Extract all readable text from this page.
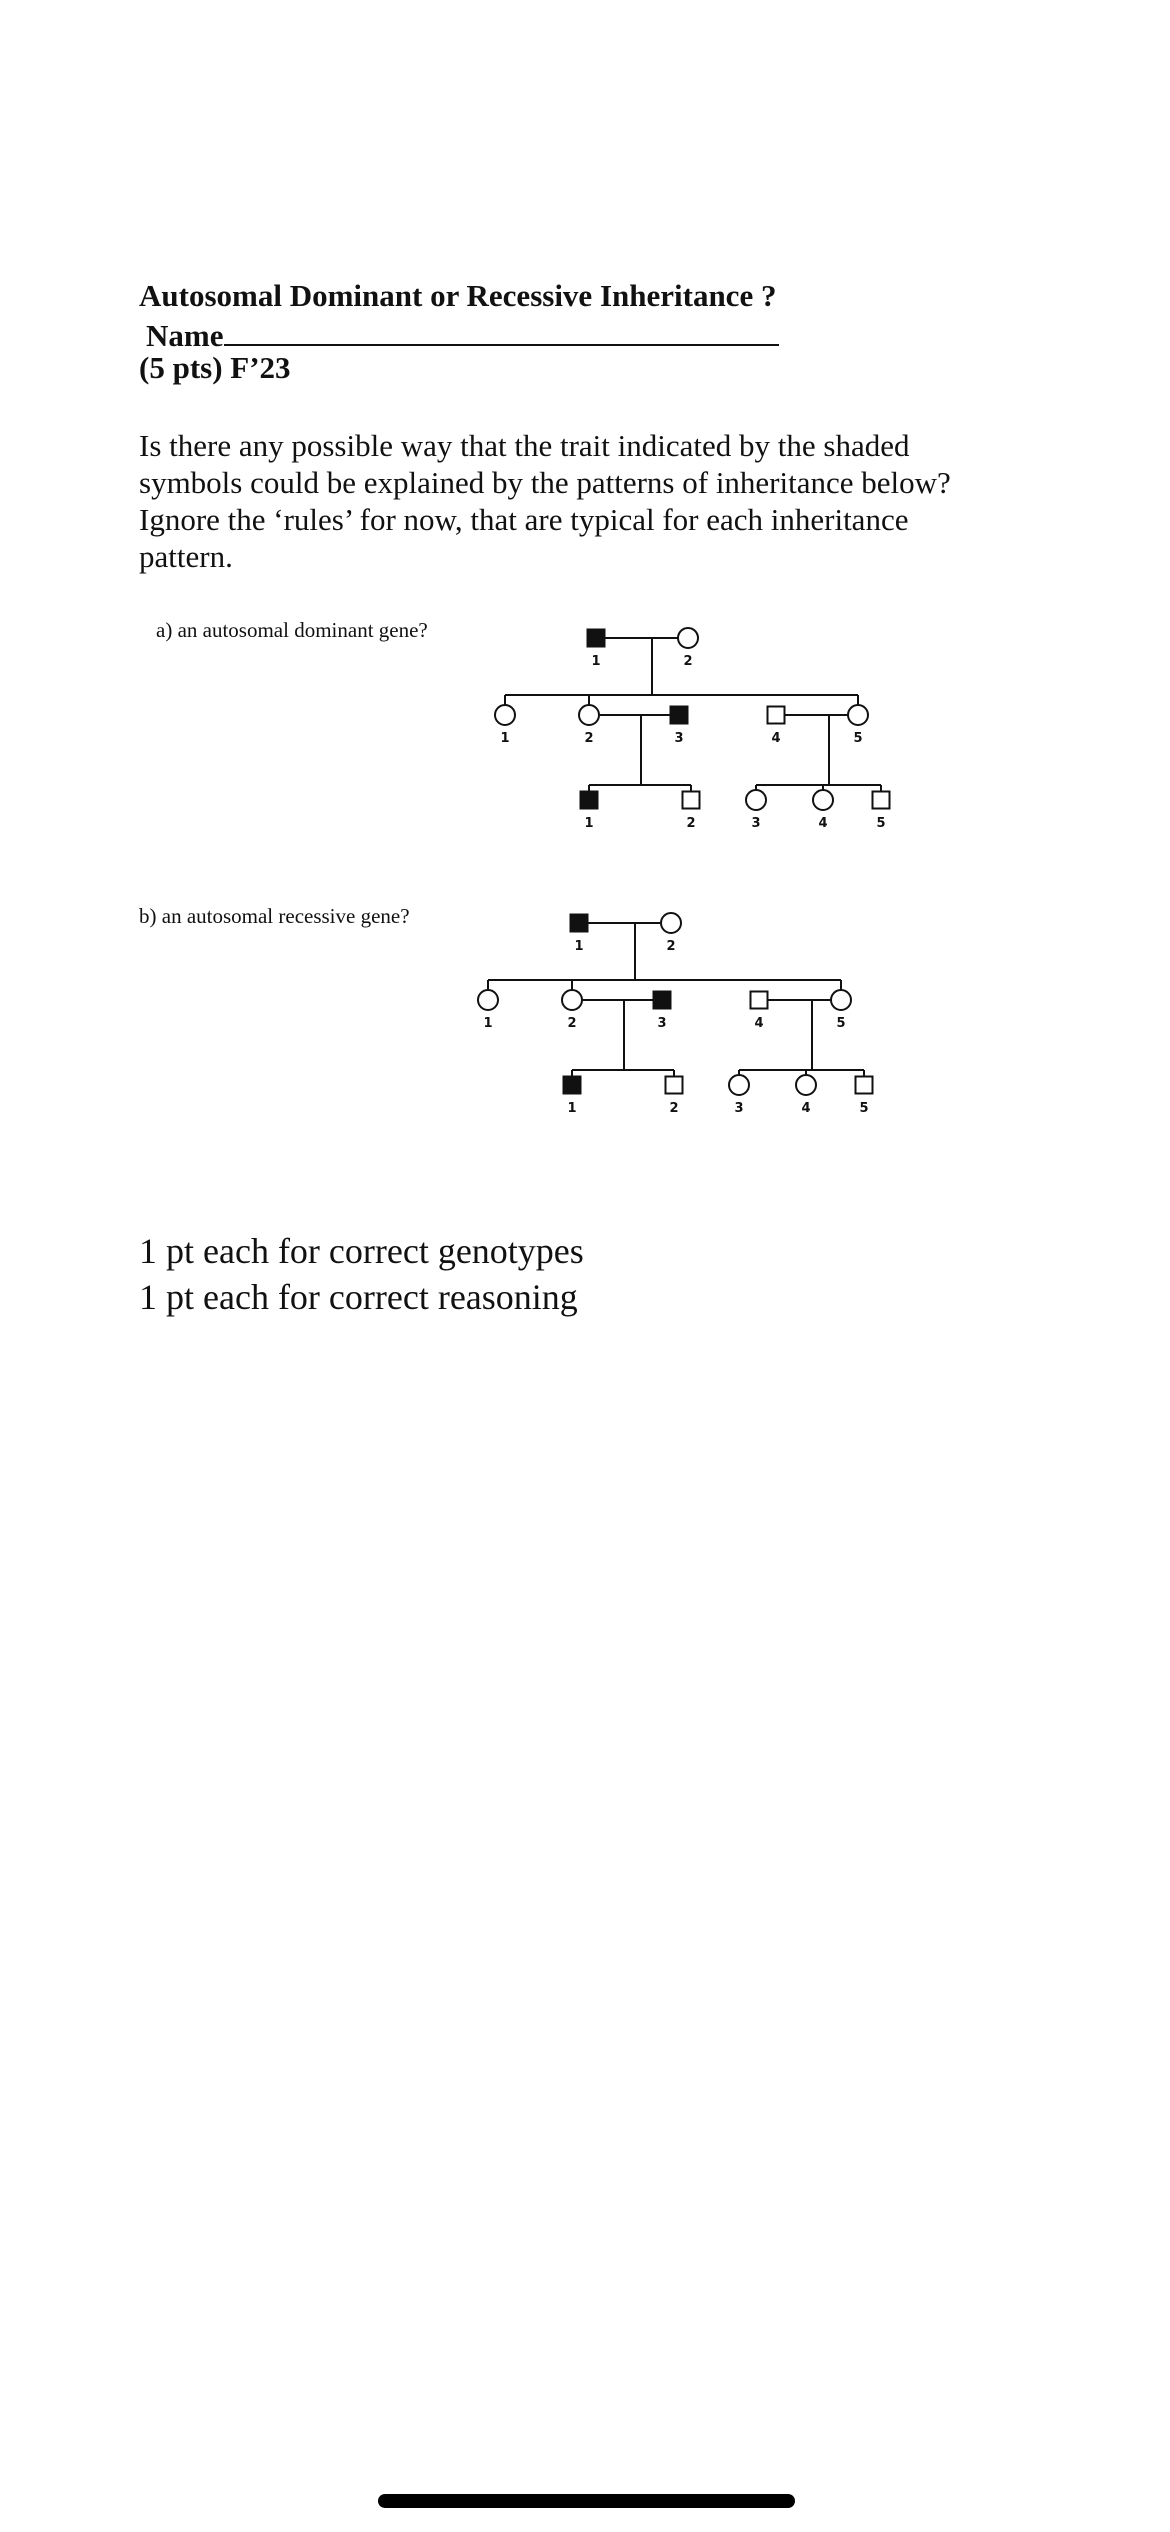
Autosomal Dominant or Recessive Inheritance ?
Name
(5 pts) F’23
Is there any possible way that the trait indicated by the shaded
symbols could be explained by the patterns of inheritance below?
Ignore the ‘rules’ for now, that are typical for each inheritance
pattern.
a) an autosomal dominant gene?
b) an autosomal recessive gene?
1	2
1	2	3	4	5
1	2	3	4	5
1	2
1	2	3	4	5
1	2	3	4	5
1 pt each for correct genotypes
1 pt each for correct reasoning
